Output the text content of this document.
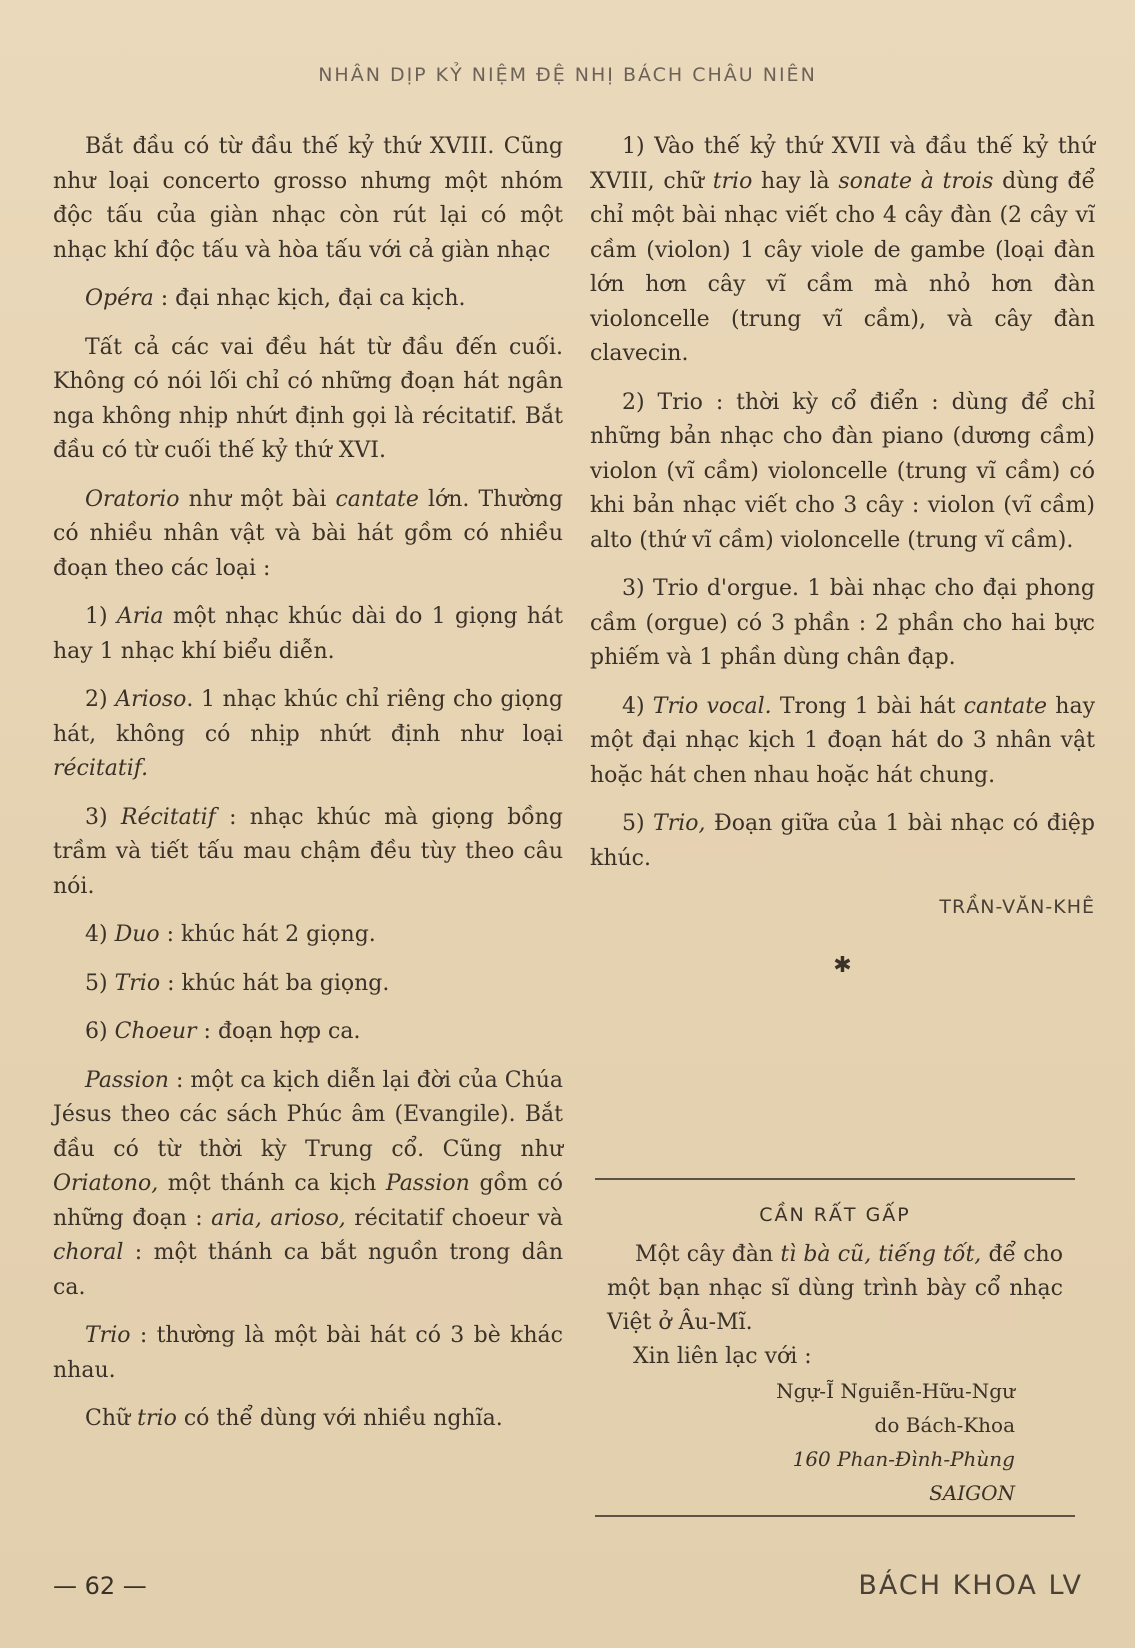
NHÂN DỊP KỶ NIỆM ĐỆ NHỊ BÁCH CHÂU NIÊN

Bắt đầu có từ đầu thế kỷ thứ XVIII. Cũng như loại concerto grosso nhưng một nhóm độc tấu của giàn nhạc còn rút lại có một nhạc khí độc tấu và hòa tấu với cả giàn nhạc

Opéra : đại nhạc kịch, đại ca kịch.

Tất cả các vai đều hát từ đầu đến cuối. Không có nói lối chỉ có những đoạn hát ngân nga không nhịp nhứt định gọi là récitatif. Bắt đầu có từ cuối thế kỷ thứ XVI.

Oratorio như một bài cantate lớn. Thường có nhiều nhân vật và bài hát gồm có nhiều đoạn theo các loại :

1) Aria một nhạc khúc dài do 1 giọng hát hay 1 nhạc khí biểu diễn.

2) Arioso. 1 nhạc khúc chỉ riêng cho giọng hát, không có nhịp nhứt định như loại récitatif.

3) Récitatif : nhạc khúc mà giọng bồng trầm và tiết tấu mau chậm đều tùy theo câu nói.

4) Duo : khúc hát 2 giọng.

5) Trio : khúc hát ba giọng.

6) Choeur : đoạn hợp ca.

Passion : một ca kịch diễn lại đời của Chúa Jésus theo các sách Phúc âm (Evangile). Bắt đầu có từ thời kỳ Trung cổ. Cũng như Oriatono, một thánh ca kịch Passion gồm có những đoạn : aria, arioso, récitatif choeur và choral : một thánh ca bắt nguồn trong dân ca.

Trio : thường là một bài hát có 3 bè khác nhau.

Chữ trio có thể dùng với nhiều nghĩa.

1) Vào thế kỷ thứ XVII và đầu thế kỷ thứ XVIII, chữ trio hay là sonate à trois dùng để chỉ một bài nhạc viết cho 4 cây đàn (2 cây vĩ cầm (violon) 1 cây viole de gambe (loại đàn lớn hơn cây vĩ cầm mà nhỏ hơn đàn violoncelle (trung vĩ cầm), và cây đàn clavecin.

2) Trio : thời kỳ cổ điển : dùng để chỉ những bản nhạc cho đàn piano (dương cầm) violon (vĩ cầm) violoncelle (trung vĩ cầm) có khi bản nhạc viết cho 3 cây : violon (vĩ cầm) alto (thứ vĩ cầm) violoncelle (trung vĩ cầm).

3) Trio d'orgue. 1 bài nhạc cho đại phong cầm (orgue) có 3 phần : 2 phần cho hai bực phiếm và 1 phần dùng chân đạp.

4) Trio vocal. Trong 1 bài hát cantate hay một đại nhạc kịch 1 đoạn hát do 3 nhân vật hoặc hát chen nhau hoặc hát chung.

5) Trio, Đoạn giữa của 1 bài nhạc có điệp khúc.

TRẦN-VĂN-KHÊ
✱
CẦN RẤT GẤP

Một cây đàn tì bà cũ, tiếng tốt, để cho một bạn nhạc sĩ dùng trình bày cổ nhạc Việt ở Âu-Mĩ.

Xin liên lạc với :

Ngự-Ĩ Nguiễn-Hữu-Ngư

do Bách-Khoa

160 Phan-Đình-Phùng

SAIGON

— 62 —	BÁCH KHOA LV
